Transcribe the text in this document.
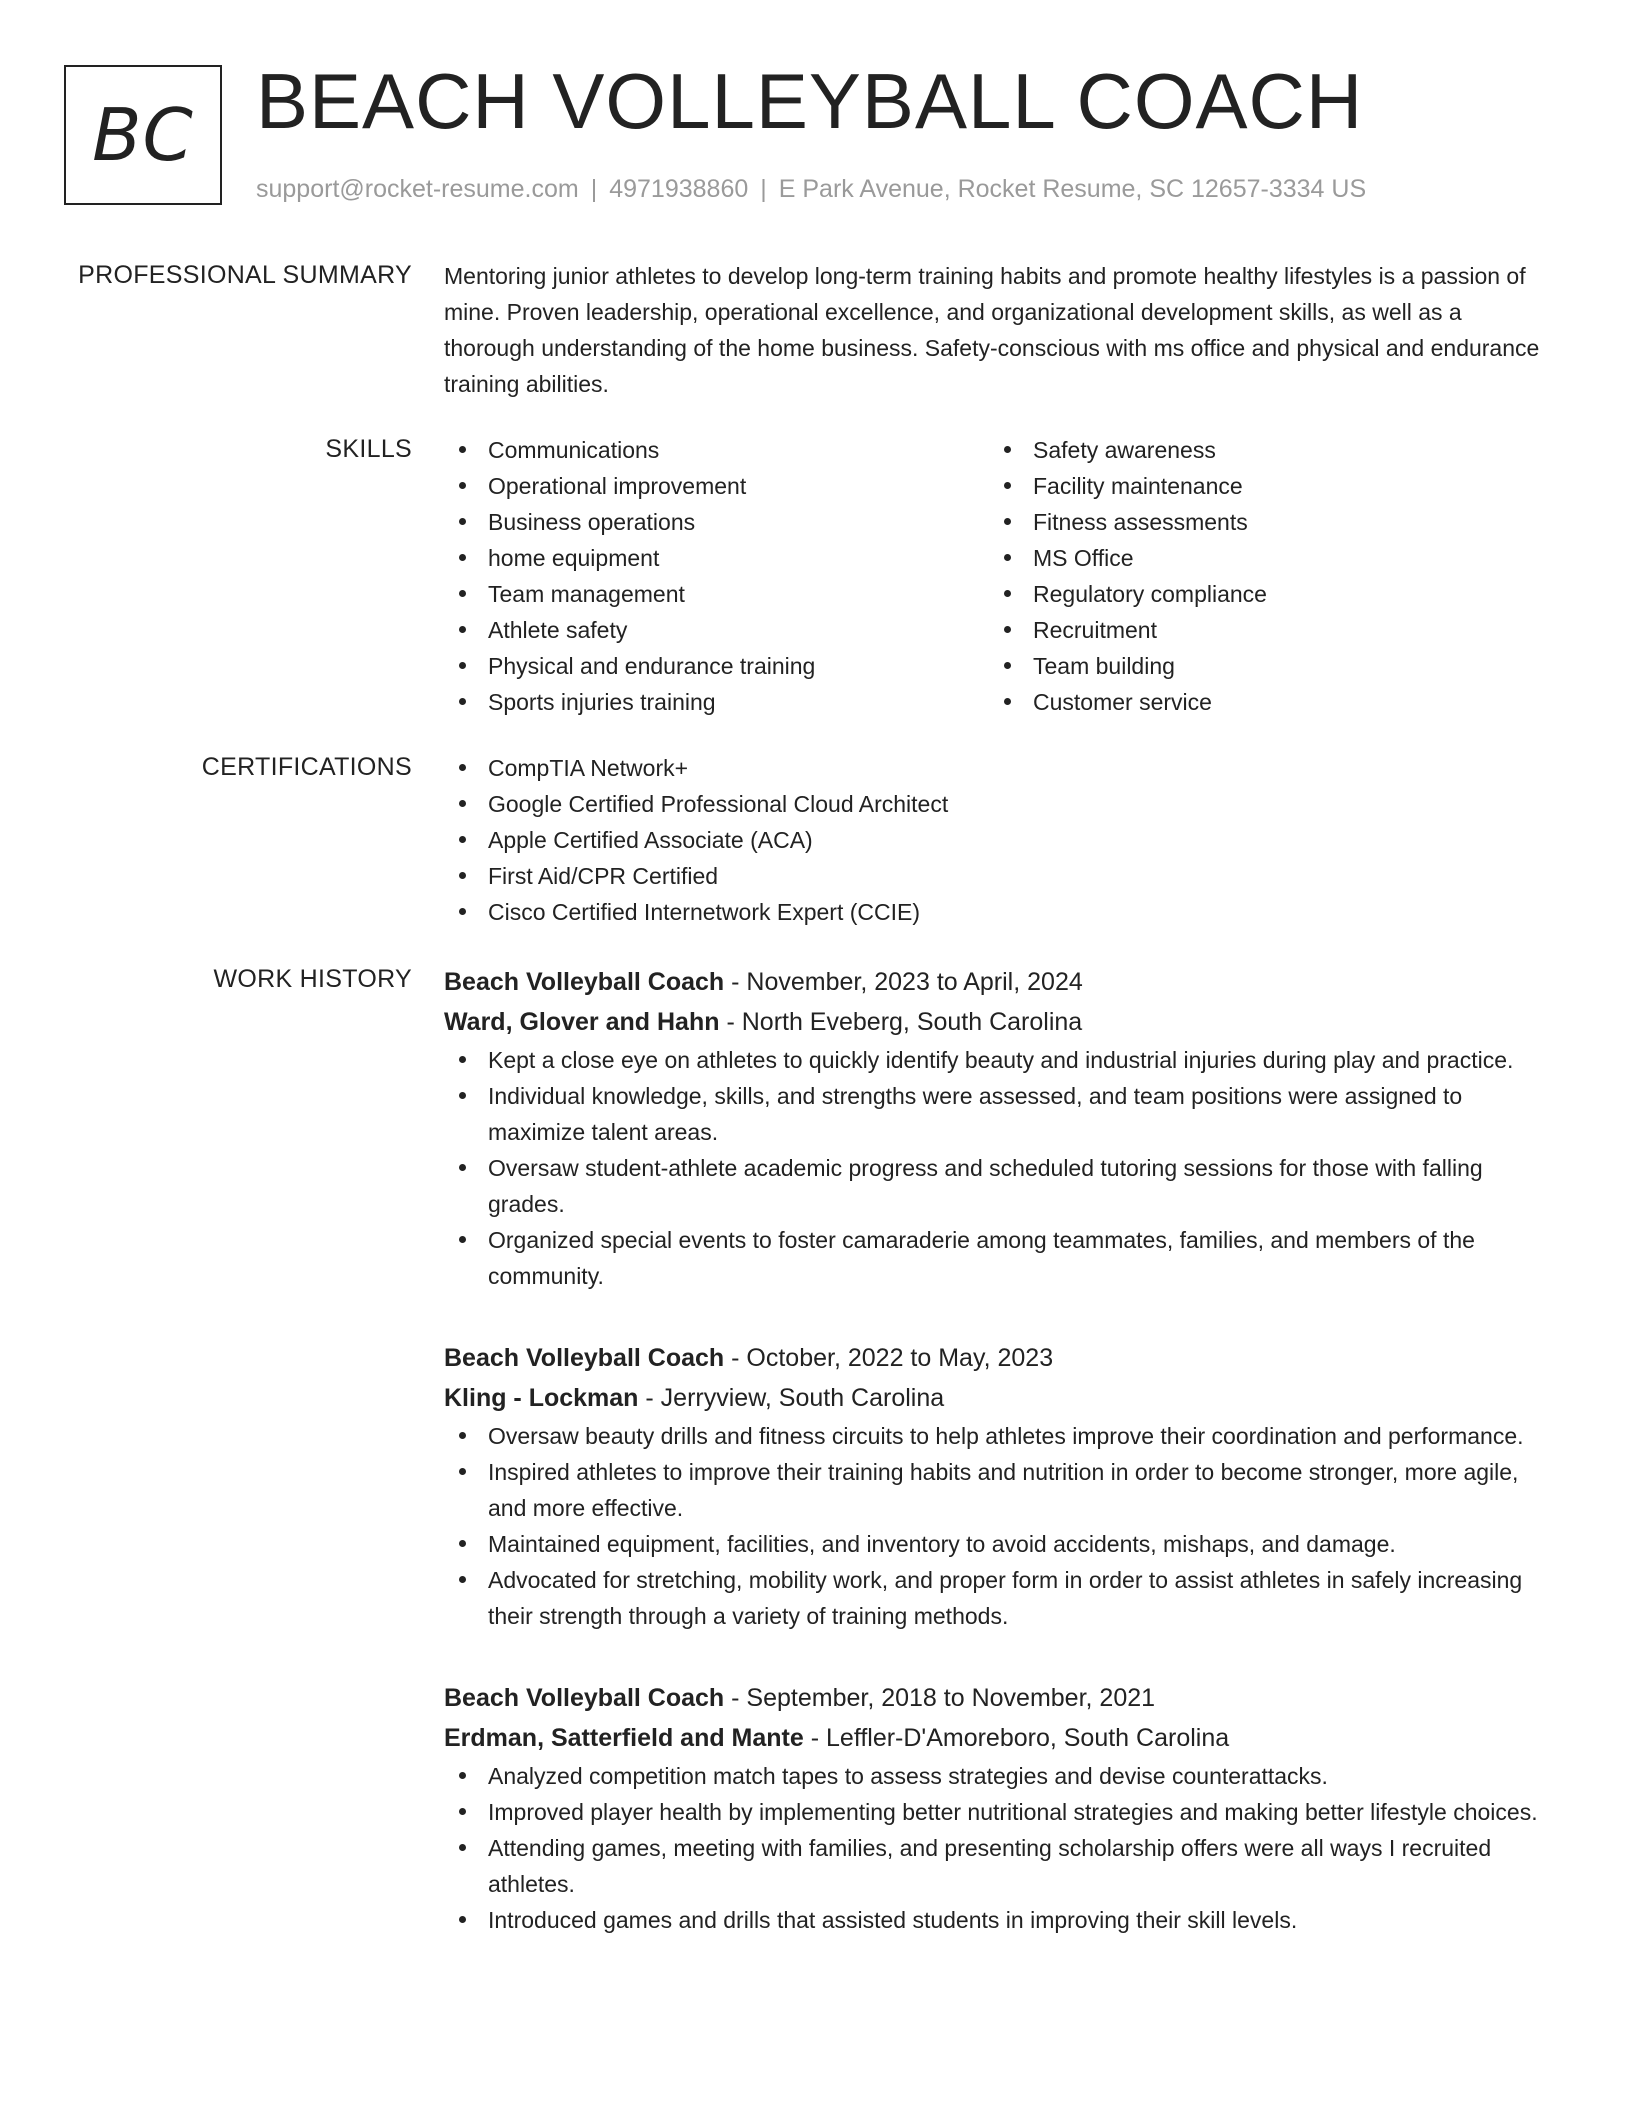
BC BEACH VOLLEYBALL COACH
support@rocket-resume.com | 4971938860 | E Park Avenue, Rocket Resume, SC 12657-3334 US
PROFESSIONAL SUMMARY Mentoring junior athletes to develop long-term training habits and promote healthy lifestyles is a passion of mine. Proven leadership, operational excellence, and organizational development skills, as well as a thorough understanding of the home business. Safety-conscious with ms office and physical and endurance training abilities.

SKILLS	Communications
Operational improvement
Business operations
home equipment
Team management
Athlete safety
Physical and endurance training
Sports injuries training
Safety awareness
Facility maintenance
Fitness assessments
MS Office
Regulatory compliance
Recruitment
Team building
Customer service
CERTIFICATIONS	CompTIA Network+
Google Certified Professional Cloud Architect
Apple Certified Associate (ACA)
First Aid/CPR Certified
Cisco Certified Internetwork Expert (CCIE)
WORK HISTORY Beach Volleyball Coach - November, 2023 to April, 2024
Ward, Glover and Hahn - North Eveberg, South Carolina
Kept a close eye on athletes to quickly identify beauty and industrial injuries during play and practice.
Individual knowledge, skills, and strengths were assessed, and team positions were assigned to maximize talent areas.
Oversaw student-athlete academic progress and scheduled tutoring sessions for those with falling grades.
Organized special events to foster camaraderie among teammates, families, and members of the community.
Beach Volleyball Coach - October, 2022 to May, 2023
Kling - Lockman - Jerryview, South Carolina
Oversaw beauty drills and fitness circuits to help athletes improve their coordination and performance.
Inspired athletes to improve their training habits and nutrition in order to become stronger, more agile, and more effective.
Maintained equipment, facilities, and inventory to avoid accidents, mishaps, and damage.
Advocated for stretching, mobility work, and proper form in order to assist athletes in safely increasing their strength through a variety of training methods.
Beach Volleyball Coach - September, 2018 to November, 2021
Erdman, Satterfield and Mante - Leffler-D'Amoreboro, South Carolina
Analyzed competition match tapes to assess strategies and devise counterattacks.
Improved player health by implementing better nutritional strategies and making better lifestyle choices.
Attending games, meeting with families, and presenting scholarship offers were all ways I recruited athletes.
Introduced games and drills that assisted students in improving their skill levels.
